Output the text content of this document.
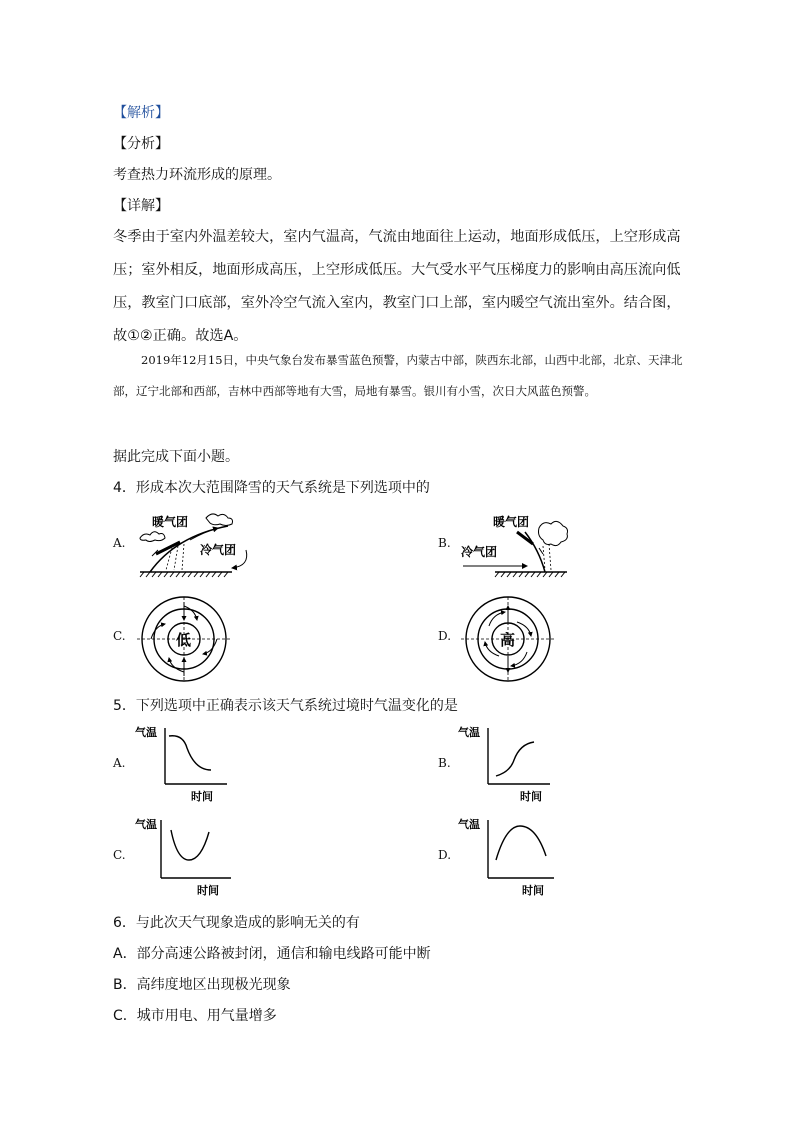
【解析】
【分析】
考查热力环流形成的原理。
【详解】
冬季由于室内外温差较大，室内气温高，气流由地面往上运动，地面形成低压，上空形成高压；室外相反，地面形成高压，上空形成低压。大气受水平气压梯度力的影响由高压流向低压，教室门口底部，室外冷空气流入室内，教室门口上部，室内暖空气流出室外。结合图，故①②正确。故选A。
2019年12月15日，中央气象台发布暴雪蓝色预警，内蒙古中部，陕西东北部，山西中北部，北京、天津北部，辽宁北部和西部，吉林中西部等地有大雪，局地有暴雪。银川有小雪，次日大风蓝色预警。
据此完成下面小题。
4．形成本次大范围降雪的天气系统是下列选项中的
A.
暖气团
冷气团	B.
暖气团
冷气团
C.	低	D.	高
5．下列选项中正确表示该天气系统过境时气温变化的是
A.
气温
时间
B.
气温
时间
C.
气温
时间
D.
气温
时间
6．与此次天气现象造成的影响无关的有
A．部分高速公路被封闭，通信和输电线路可能中断
B．高纬度地区出现极光现象
C．城市用电、用气量增多
